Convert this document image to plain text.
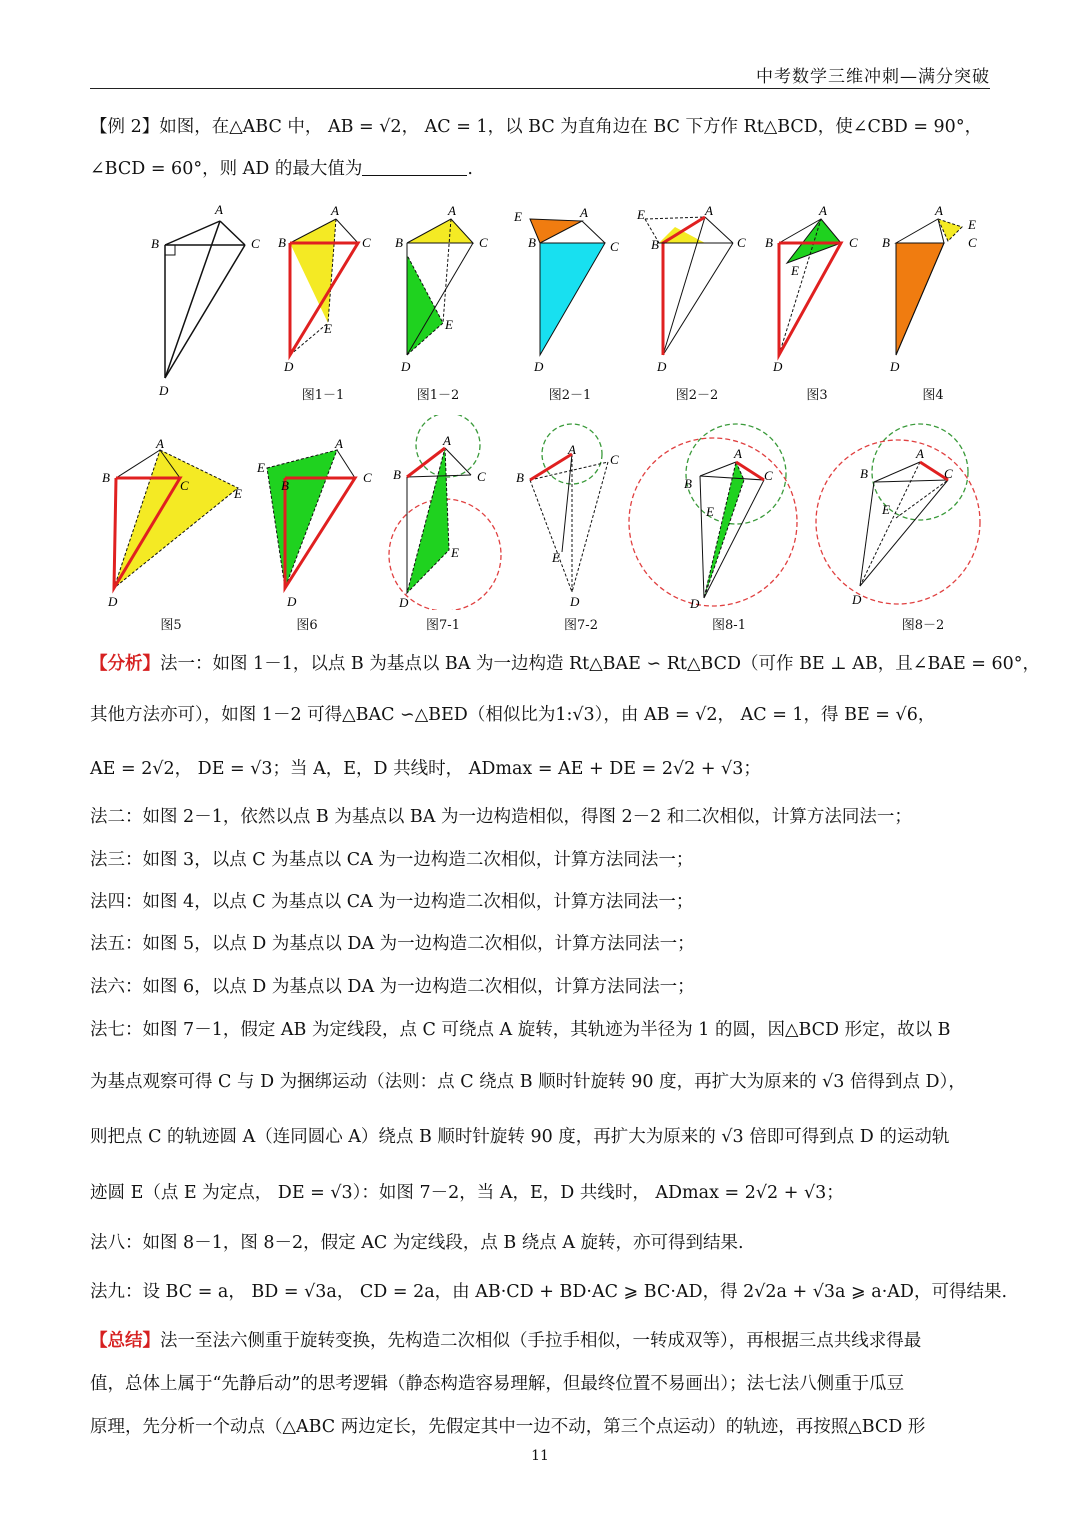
中考数学三维冲刺—满分突破
【例 2】如图，在△ABC 中， AB = √2， AC = 1，以 BC 为直角边在 BC 下方作 Rt△BCD，使∠CBD = 90°，
∠BCD = 60°，则 AD 的最大值为	.
A
B	C
D
A
B	C
E
D
A
B	C
E
D
E	A
B	C
D
E	A
B	C
D
A
B	C
E
D
A
B	C
E
D
图1－1	图1－2	图2－1	图2－2	图3	图4
A
B
C
E
D
A
E
B
C
D
A
B	C
E
D
A
B
C
E
D
A
B
C
E
D
A
B	C
E
D
图5	图6	图7-1	图7-2	图8-1	图8－2
【分析】法一：如图 1－1，以点 B 为基点以 BA 为一边构造 Rt△BAE ∽ Rt△BCD（可作 BE ⊥ AB，且∠BAE = 60°，
其他方法亦可），如图 1－2 可得△BAC ∽△BED（相似比为1:√3），由 AB = √2， AC = 1，得 BE = √6，
AE = 2√2， DE = √3；当 A，E，D 共线时， ADmax = AE + DE = 2√2 + √3；
法二：如图 2－1，依然以点 B 为基点以 BA 为一边构造相似，得图 2－2 和二次相似，计算方法同法一；
法三：如图 3，以点 C 为基点以 CA 为一边构造二次相似，计算方法同法一；
法四：如图 4，以点 C 为基点以 CA 为一边构造二次相似，计算方法同法一；
法五：如图 5，以点 D 为基点以 DA 为一边构造二次相似，计算方法同法一；
法六：如图 6，以点 D 为基点以 DA 为一边构造二次相似，计算方法同法一；
法七：如图 7－1，假定 AB 为定线段，点 C 可绕点 A 旋转，其轨迹为半径为 1 的圆，因△BCD 形定，故以 B
为基点观察可得 C 与 D 为捆绑运动（法则：点 C 绕点 B 顺时针旋转 90 度，再扩大为原来的 √3 倍得到点 D），
则把点 C 的轨迹圆 A（连同圆心 A）绕点 B 顺时针旋转 90 度，再扩大为原来的 √3 倍即可得到点 D 的运动轨
迹圆 E（点 E 为定点， DE = √3）：如图 7－2，当 A，E，D 共线时， ADmax = 2√2 + √3；
法八：如图 8－1，图 8－2，假定 AC 为定线段，点 B 绕点 A 旋转，亦可得到结果.
法九：设 BC = a， BD = √3a， CD = 2a，由 AB·CD + BD·AC ⩾ BC·AD，得 2√2a + √3a ⩾ a·AD，可得结果.
【总结】法一至法六侧重于旋转变换，先构造二次相似（手拉手相似，一转成双等），再根据三点共线求得最
值，总体上属于“先静后动”的思考逻辑（静态构造容易理解，但最终位置不易画出）；法七法八侧重于瓜豆
原理，先分析一个动点（△ABC 两边定长，先假定其中一边不动，第三个点运动）的轨迹，再按照△BCD 形
11
